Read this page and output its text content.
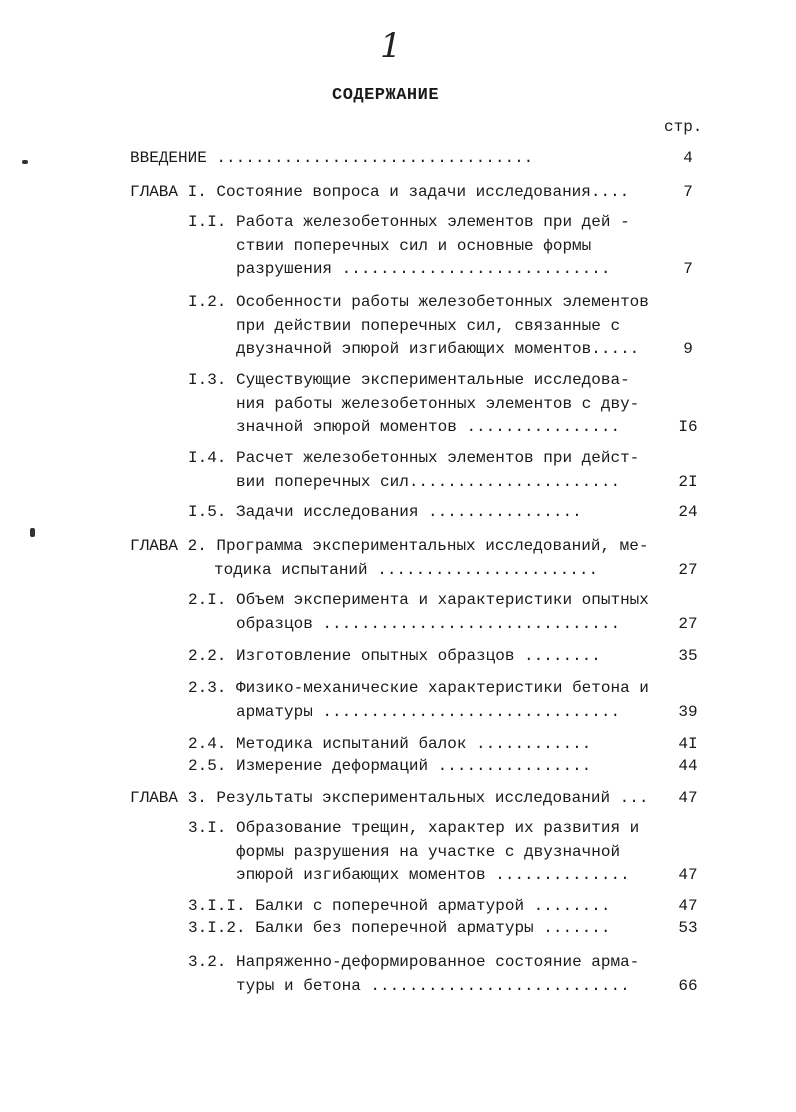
1
СОДЕРЖАНИЕ
стр.
ВВЕДЕНИЕ .................................	4
ГЛАВА I. Состояние вопроса и задачи исследования....	7
I.I. Работа железобетонных элементов при дей -
ствии поперечных сил и основные формы
разрушения ............................	7
I.2. Особенности работы железобетонных элементов
при действии поперечных сил, связанные с
двузначной эпюрой изгибающих моментов.....	9
I.3. Существующие экспериментальные исследова-
ния работы железобетонных элементов с дву-
значной эпюрой моментов ................	I6
I.4. Расчет железобетонных элементов при дейст-
вии поперечных сил......................	2I
I.5. Задачи исследования ................	24
ГЛАВА 2. Программа экспериментальных исследований, ме-
тодика испытаний .......................	27
2.I. Объем эксперимента и характеристики опытных
образцов ...............................	27
2.2. Изготовление опытных образцов ........	35
2.3. Физико-механические характеристики бетона и
арматуры ...............................	39
2.4. Методика испытаний балок ............	4I
2.5. Измерение деформаций ................	44
ГЛАВА 3. Результаты экспериментальных исследований ...	47
3.I. Образование трещин, характер их развития и
формы разрушения на участке с двузначной
эпюрой изгибающих моментов ..............	47
3.I.I. Балки с поперечной арматурой ........	47
3.I.2. Балки без поперечной арматуры .......	53
3.2. Напряженно-деформированное состояние арма-
туры и бетона ...........................	66
